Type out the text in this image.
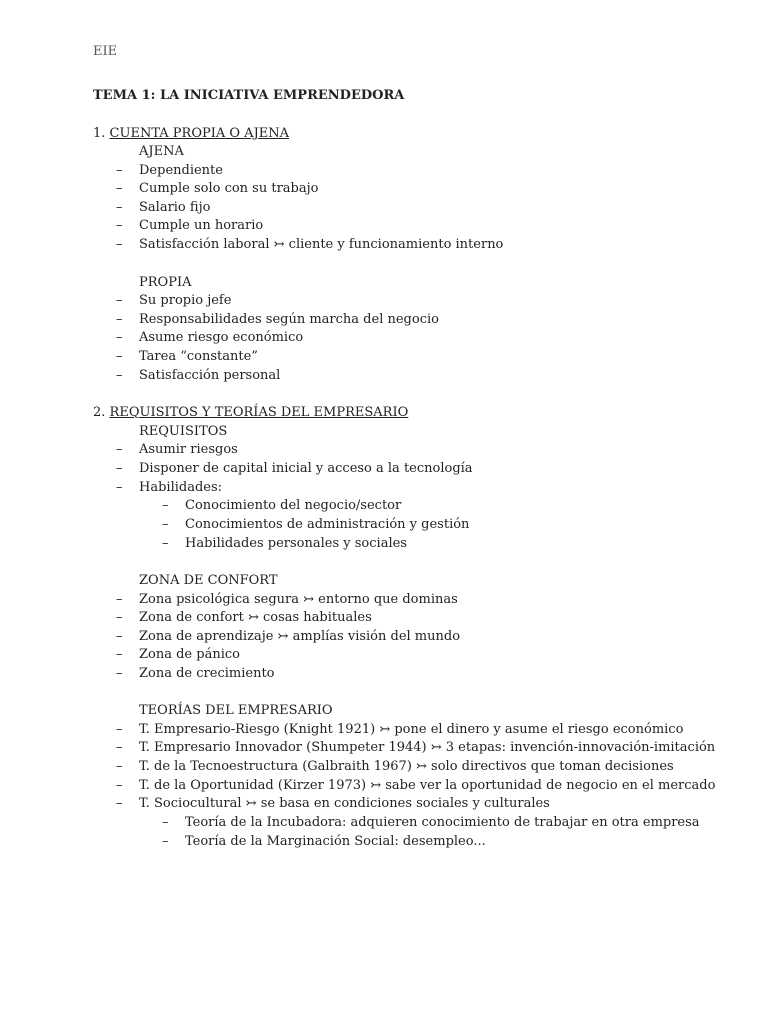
EIE
TEMA 1: LA INICIATIVA EMPRENDEDORA
1. CUENTA PROPIA O AJENA
AJENA
– Dependiente
– Cumple solo con su trabajo
– Salario fijo
– Cumple un horario
– Satisfacción laboral ↣ cliente y funcionamiento interno
PROPIA
– Su propio jefe
– Responsabilidades según marcha del negocio
– Asume riesgo económico
– Tarea “constante”
– Satisfacción personal
2. REQUISITOS Y TEORÍAS DEL EMPRESARIO
REQUISITOS
– Asumir riesgos
– Disponer de capital inicial y acceso a la tecnología
– Habilidades:
– Conocimiento del negocio/sector
– Conocimientos de administración y gestión
– Habilidades personales y sociales
ZONA DE CONFORT
– Zona psicológica segura ↣ entorno que dominas
– Zona de confort ↣ cosas habituales
– Zona de aprendizaje ↣ amplías visión del mundo
– Zona de pánico
– Zona de crecimiento
TEORÍAS DEL EMPRESARIO
– T. Empresario-Riesgo (Knight 1921) ↣ pone el dinero y asume el riesgo económico
– T. Empresario Innovador (Shumpeter 1944) ↣ 3 etapas: invención-innovación-imitación
– T. de la Tecnoestructura (Galbraith 1967) ↣ solo directivos que toman decisiones
– T. de la Oportunidad (Kirzer 1973) ↣ sabe ver la oportunidad de negocio en el mercado
– T. Sociocultural ↣ se basa en condiciones sociales y culturales
– Teoría de la Incubadora: adquieren conocimiento de trabajar en otra empresa
– Teoría de la Marginación Social: desempleo...
